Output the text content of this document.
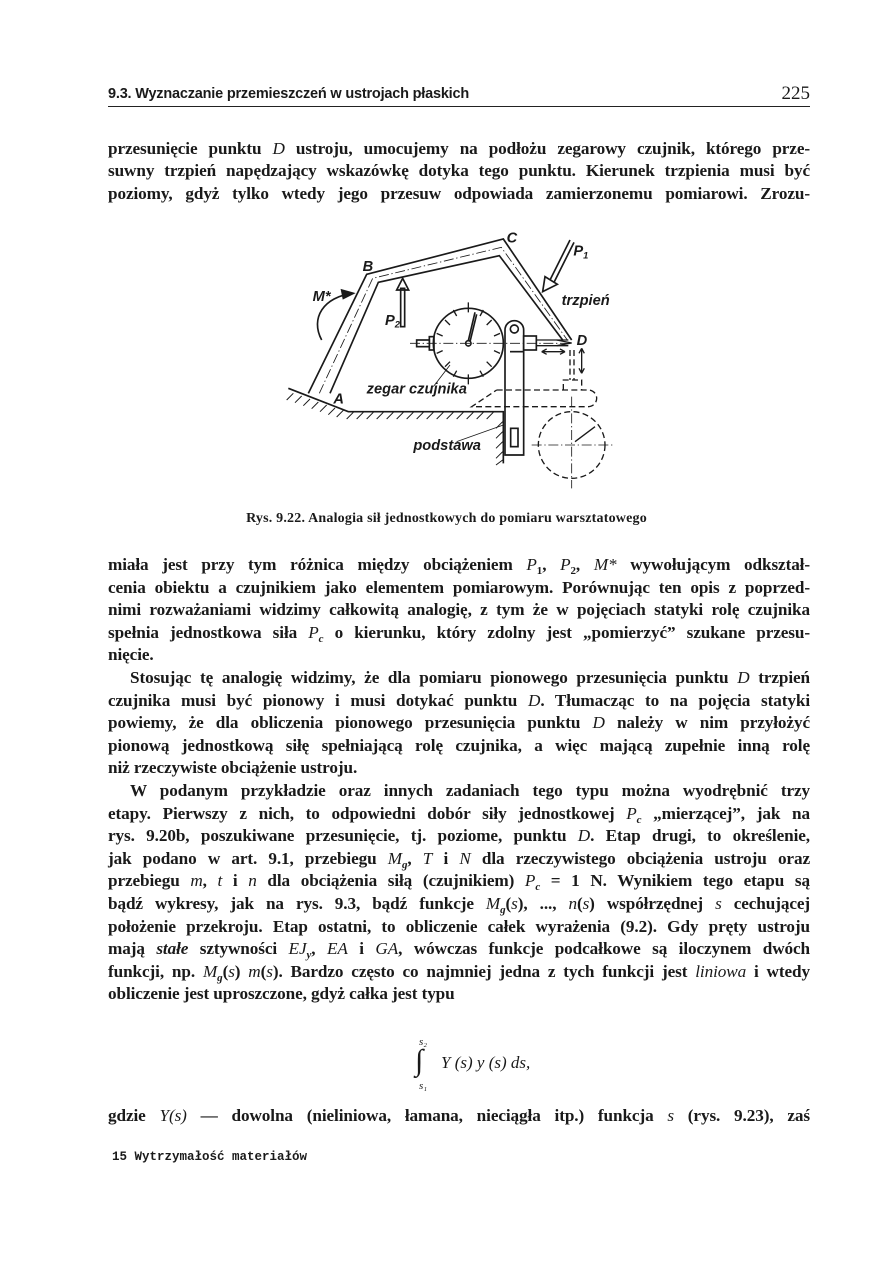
9.3. Wyznaczanie przemieszczeń w ustrojach płaskich	225
przesunięcie punktu D ustroju, umocujemy na podłożu zegarowy czujnik, którego prze-
suwny trzpień napędzający wskazówkę dotyka tego punktu. Kierunek trzpienia musi być
poziomy, gdyż tylko wtedy jego przesuw odpowiada zamierzonemu pomiarowi. Zrozu-
miała jest przy tym różnica między obciążeniem $P_1$, $P_2$, M* wywołującym odkształ-
cenia obiektu a czujnikiem jako elementem pomiarowym. Porównując ten opis z poprzed-
nimi rozważaniami widzimy całkowitą analogię, z tym że w pojęciach statyki rolę czujnika
spełnia jednostkowa siła $P_c$ o kierunku, który zdolny jest „pomierzyć” szukane przesu-
nięcie.
Stosując tę analogię widzimy, że dla pomiaru pionowego przesunięcia punktu D trzpień
czujnika musi być pionowy i musi dotykać punktu D. Tłumacząc to na pojęcia statyki
powiemy, że dla obliczenia pionowego przesunięcia punktu D należy w nim przyłożyć
pionową jednostkową siłę spełniającą rolę czujnika, a więc mającą zupełnie inną rolę
niż rzeczywiste obciążenie ustroju.
W podanym przykładzie oraz innych zadaniach tego typu można wyodrębnić trzy
etapy. Pierwszy z nich, to odpowiedni dobór siły jednostkowej $P_c$ „mierzącej”, jak na
rys. 9.20b, poszukiwane przesunięcie, tj. poziome, punktu D. Etap drugi, to określenie,
jak podano w art. 9.1, przebiegu $M_g$, T i N dla rzeczywistego obciążenia ustroju oraz
przebiegu m, t i n dla obciążenia siłą (czujnikiem) $P_c = 1$ N. Wynikiem tego etapu są
bądź wykresy, jak na rys. 9.3, bądź funkcje $M_g(s)$, ..., n(s) współrzędnej s cechującej
położenie przekroju. Etap ostatni, to obliczenie całek wyrażenia (9.2). Gdy pręty ustroju
mają stałe sztywności $EJ_y$, EA i GA, wówczas funkcje podcałkowe są iloczynem dwóch
funkcji, np. $M_g(s)$ m(s). Bardzo często co najmniej jedna z tych funkcji jest liniowa i wtedy
obliczenie jest uproszczone, gdyż całka jest typu
gdzie Y(s) — dowolna (nieliniowa, łamana, nieciągła itp.) funkcja s (rys. 9.23), zaś
B
C
A
D
M*
P2
P1
trzpień
zegar czujnika
podstawa
Rys. 9.22. Analogia sił jednostkowych do pomiaru warsztatowego
s₂
∫
s₁
Y (s) y (s) ds,
15 Wytrzymałość materiałów
